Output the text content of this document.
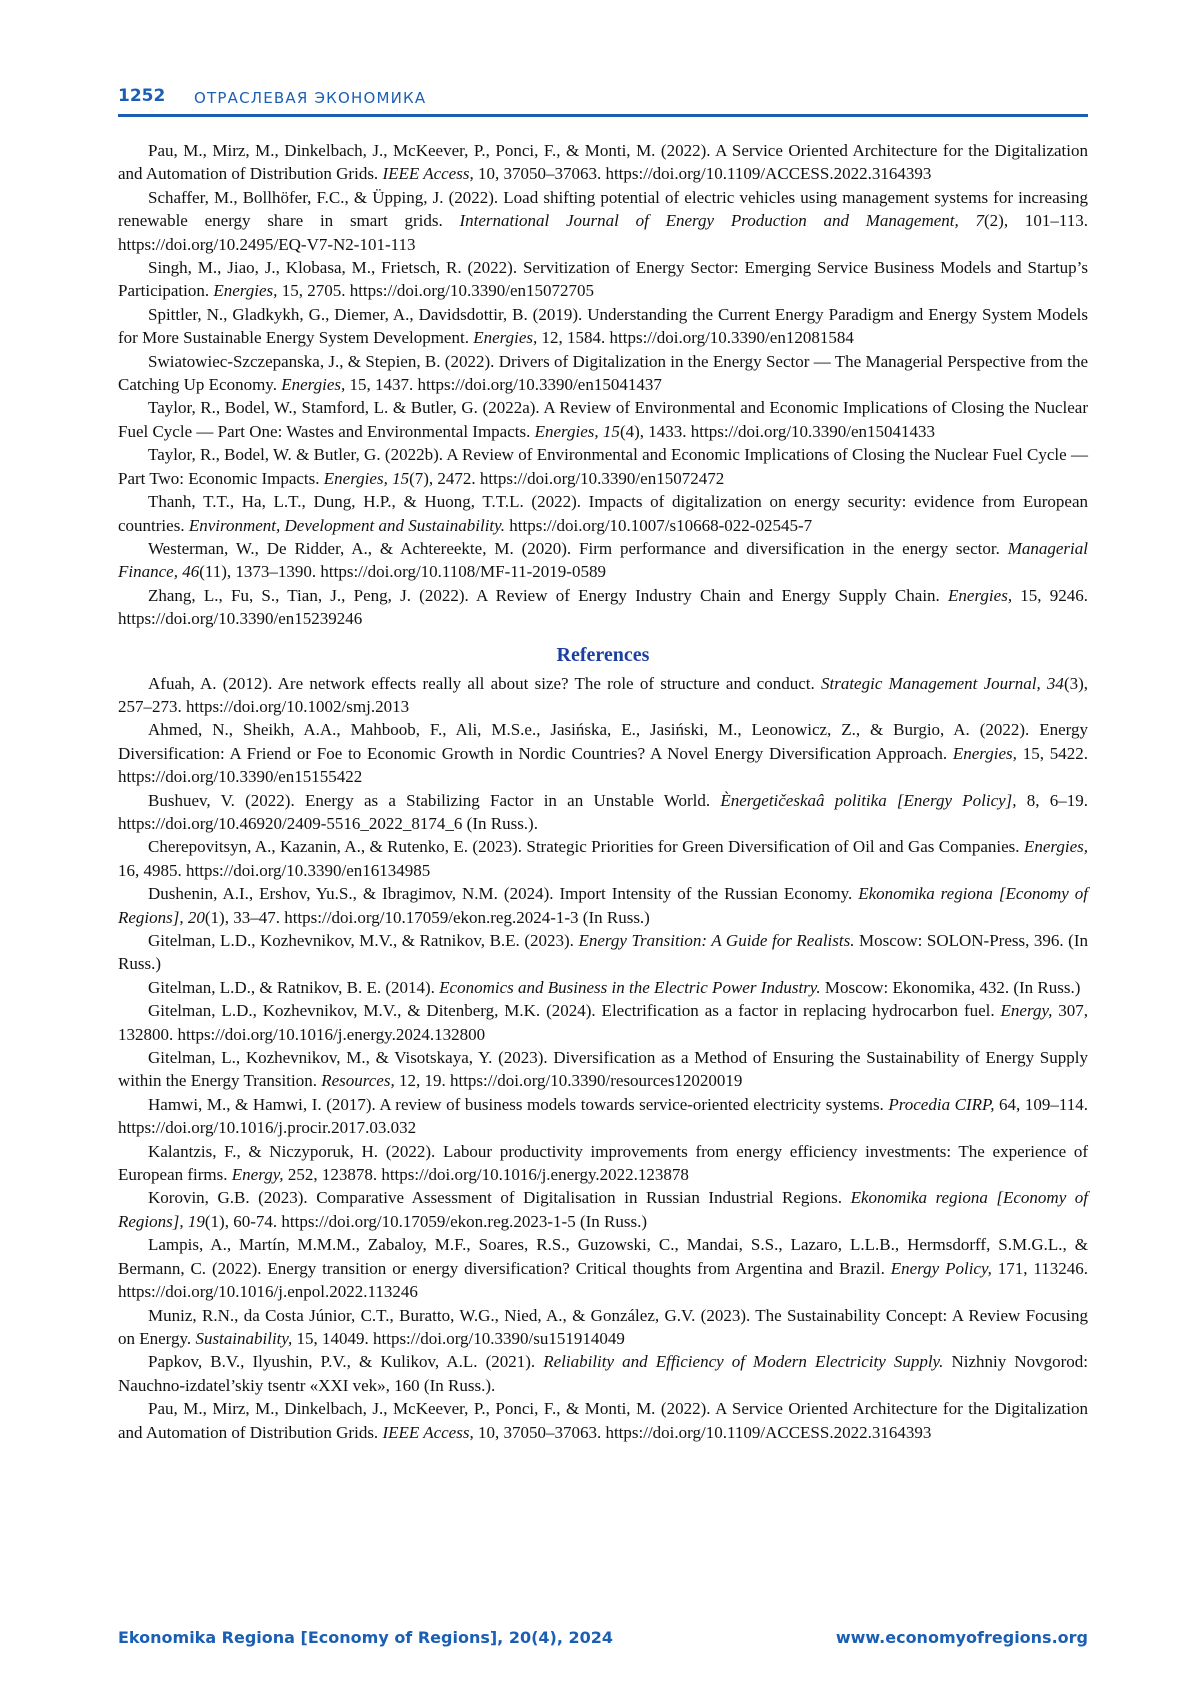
1252 ОТРАСЛЕВАЯ ЭКОНОМИКА

Pau, M., Mirz, M., Dinkelbach, J., McKeever, P., Ponci, F., & Monti, M. (2022). A Service Oriented Architecture for the Digitalization and Automation of Distribution Grids. IEEE Access, 10, 37050–37063. https://doi.org/10.1109/ACCESS.2022.3164393

Schaffer, M., Bollhöfer, F.C., & Üpping, J. (2022). Load shifting potential of electric vehicles using management systems for increasing renewable energy share in smart grids. International Journal of Energy Production and Management, 7(2), 101–113. https://doi.org/10.2495/EQ-V7-N2-101-113

Singh, M., Jiao, J., Klobasa, M., Frietsch, R. (2022). Servitization of Energy Sector: Emerging Service Business Models and Startup’s Participation. Energies, 15, 2705. https://doi.org/10.3390/en15072705

Spittler, N., Gladkykh, G., Diemer, A., Davidsdottir, B. (2019). Understanding the Current Energy Paradigm and Energy System Models for More Sustainable Energy System Development. Energies, 12, 1584. https://doi.org/10.3390/en12081584

Swiatowiec-Szczepanska, J., & Stepien, B. (2022). Drivers of Digitalization in the Energy Sector — The Managerial Perspective from the Catching Up Economy. Energies, 15, 1437. https://doi.org/10.3390/en15041437

Taylor, R., Bodel, W., Stamford, L. & Butler, G. (2022a). A Review of Environmental and Economic Implications of Closing the Nuclear Fuel Cycle — Part One: Wastes and Environmental Impacts. Energies, 15(4), 1433. https://doi.org/10.3390/en15041433

Taylor, R., Bodel, W. & Butler, G. (2022b). A Review of Environmental and Economic Implications of Closing the Nuclear Fuel Cycle — Part Two: Economic Impacts. Energies, 15(7), 2472. https://doi.org/10.3390/en15072472

Thanh, T.T., Ha, L.T., Dung, H.P., & Huong, T.T.L. (2022). Impacts of digitalization on energy security: evidence from European countries. Environment, Development and Sustainability. https://doi.org/10.1007/s10668-022-02545-7

Westerman, W., De Ridder, A., & Achtereekte, M. (2020). Firm performance and diversification in the energy sector. Managerial Finance, 46(11), 1373–1390. https://doi.org/10.1108/MF-11-2019-0589

Zhang, L., Fu, S., Tian, J., Peng, J. (2022). A Review of Energy Industry Chain and Energy Supply Chain. Energies, 15, 9246. https://doi.org/10.3390/en15239246

References

Afuah, A. (2012). Are network effects really all about size? The role of structure and conduct. Strategic Management Journal, 34(3), 257–273. https://doi.org/10.1002/smj.2013

Ahmed, N., Sheikh, A.A., Mahboob, F., Ali, M.S.e., Jasińska, E., Jasiński, M., Leonowicz, Z., & Burgio, A. (2022). Energy Diversification: A Friend or Foe to Economic Growth in Nordic Countries? A Novel Energy Diversification Approach. Energies, 15, 5422. https://doi.org/10.3390/en15155422

Bushuev, V. (2022). Energy as a Stabilizing Factor in an Unstable World. Ènergetičeskaâ politika [Energy Policy], 8, 6–19. https://doi.org/10.46920/2409-5516_2022_8174_6 (In Russ.).

Cherepovitsyn, A., Kazanin, A., & Rutenko, E. (2023). Strategic Priorities for Green Diversification of Oil and Gas Companies. Energies, 16, 4985. https://doi.org/10.3390/en16134985

Dushenin, A.I., Ershov, Yu.S., & Ibragimov, N.M. (2024). Import Intensity of the Russian Economy. Ekonomika regiona [Economy of Regions], 20(1), 33–47. https://doi.org/10.17059/ekon.reg.2024-1-3 (In Russ.)

Gitelman, L.D., Kozhevnikov, M.V., & Ratnikov, B.E. (2023). Energy Transition: A Guide for Realists. Moscow: SOLON-Press, 396. (In Russ.)

Gitelman, L.D., & Ratnikov, B. E. (2014). Economics and Business in the Electric Power Industry. Moscow: Ekonomika, 432. (In Russ.)

Gitelman, L.D., Kozhevnikov, M.V., & Ditenberg, M.K. (2024). Electrification as a factor in replacing hydrocarbon fuel. Energy, 307, 132800. https://doi.org/10.1016/j.energy.2024.132800

Gitelman, L., Kozhevnikov, M., & Visotskaya, Y. (2023). Diversification as a Method of Ensuring the Sustainability of Energy Supply within the Energy Transition. Resources, 12, 19. https://doi.org/10.3390/resources12020019

Hamwi, M., & Hamwi, I. (2017). A review of business models towards service-oriented electricity systems. Procedia CIRP, 64, 109–114. https://doi.org/10.1016/j.procir.2017.03.032

Kalantzis, F., & Niczyporuk, H. (2022). Labour productivity improvements from energy efficiency investments: The experience of European firms. Energy, 252, 123878. https://doi.org/10.1016/j.energy.2022.123878

Korovin, G.B. (2023). Comparative Assessment of Digitalisation in Russian Industrial Regions. Ekonomika regiona [Economy of Regions], 19(1), 60-74. https://doi.org/10.17059/ekon.reg.2023-1-5 (In Russ.)

Lampis, A., Martín, M.M.M., Zabaloy, M.F., Soares, R.S., Guzowski, C., Mandai, S.S., Lazaro, L.L.B., Hermsdorff, S.M.G.L., & Bermann, C. (2022). Energy transition or energy diversification? Critical thoughts from Argentina and Brazil. Energy Policy, 171, 113246. https://doi.org/10.1016/j.enpol.2022.113246

Muniz, R.N., da Costa Júnior, C.T., Buratto, W.G., Nied, A., & González, G.V. (2023). The Sustainability Concept: A Review Focusing on Energy. Sustainability, 15, 14049. https://doi.org/10.3390/su151914049

Papkov, B.V., Ilyushin, P.V., & Kulikov, A.L. (2021). Reliability and Efficiency of Modern Electricity Supply. Nizhniy Novgorod: Nauchno-izdatel’skiy tsentr «XXI vek», 160 (In Russ.).

Pau, M., Mirz, M., Dinkelbach, J., McKeever, P., Ponci, F., & Monti, M. (2022). A Service Oriented Architecture for the Digitalization and Automation of Distribution Grids. IEEE Access, 10, 37050–37063. https://doi.org/10.1109/ACCESS.2022.3164393

Ekonomika Regiona [Economy of Regions], 20(4), 2024	www.economyofregions.org
